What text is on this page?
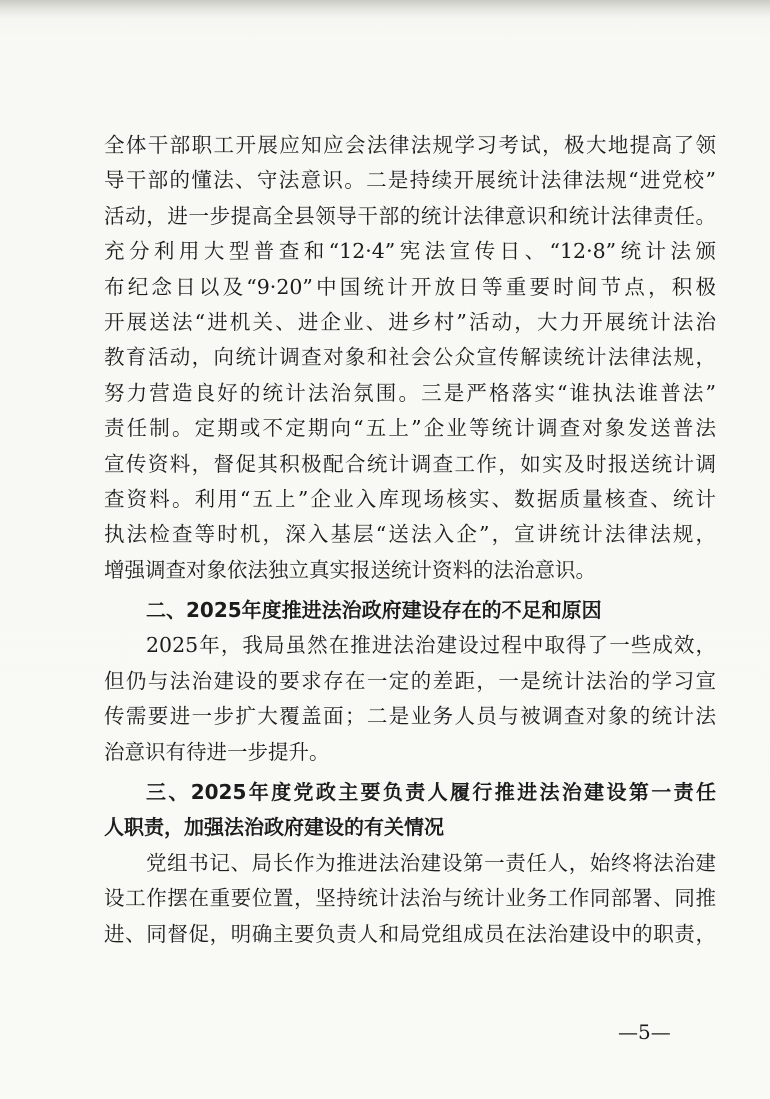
全体干部职工开展应知应会法律法规学习考试，极大地提高了领
导干部的懂法、守法意识。二是持续开展统计法律法规“进党校”
活动，进一步提高全县领导干部的统计法律意识和统计法律责任。
充分利用大型普查和“12·4”宪法宣传日、“12·8”统计法颁
布纪念日以及“9·20”中国统计开放日等重要时间节点，积极
开展送法“进机关、进企业、进乡村”活动，大力开展统计法治
教育活动，向统计调查对象和社会公众宣传解读统计法律法规，
努力营造良好的统计法治氛围。三是严格落实“谁执法谁普法”
责任制。定期或不定期向“五上”企业等统计调查对象发送普法
宣传资料，督促其积极配合统计调查工作，如实及时报送统计调
查资料。利用“五上”企业入库现场核实、数据质量核查、统计
执法检查等时机，深入基层“送法入企”，宣讲统计法律法规，
增强调查对象依法独立真实报送统计资料的法治意识。
二、2025年度推进法治政府建设存在的不足和原因
2025年，我局虽然在推进法治建设过程中取得了一些成效，
但仍与法治建设的要求存在一定的差距，一是统计法治的学习宣
传需要进一步扩大覆盖面；二是业务人员与被调查对象的统计法
治意识有待进一步提升。
三、2025年度党政主要负责人履行推进法治建设第一责任
人职责，加强法治政府建设的有关情况
党组书记、局长作为推进法治建设第一责任人，始终将法治建
设工作摆在重要位置，坚持统计法治与统计业务工作同部署、同推
进、同督促，明确主要负责人和局党组成员在法治建设中的职责，
—5—
